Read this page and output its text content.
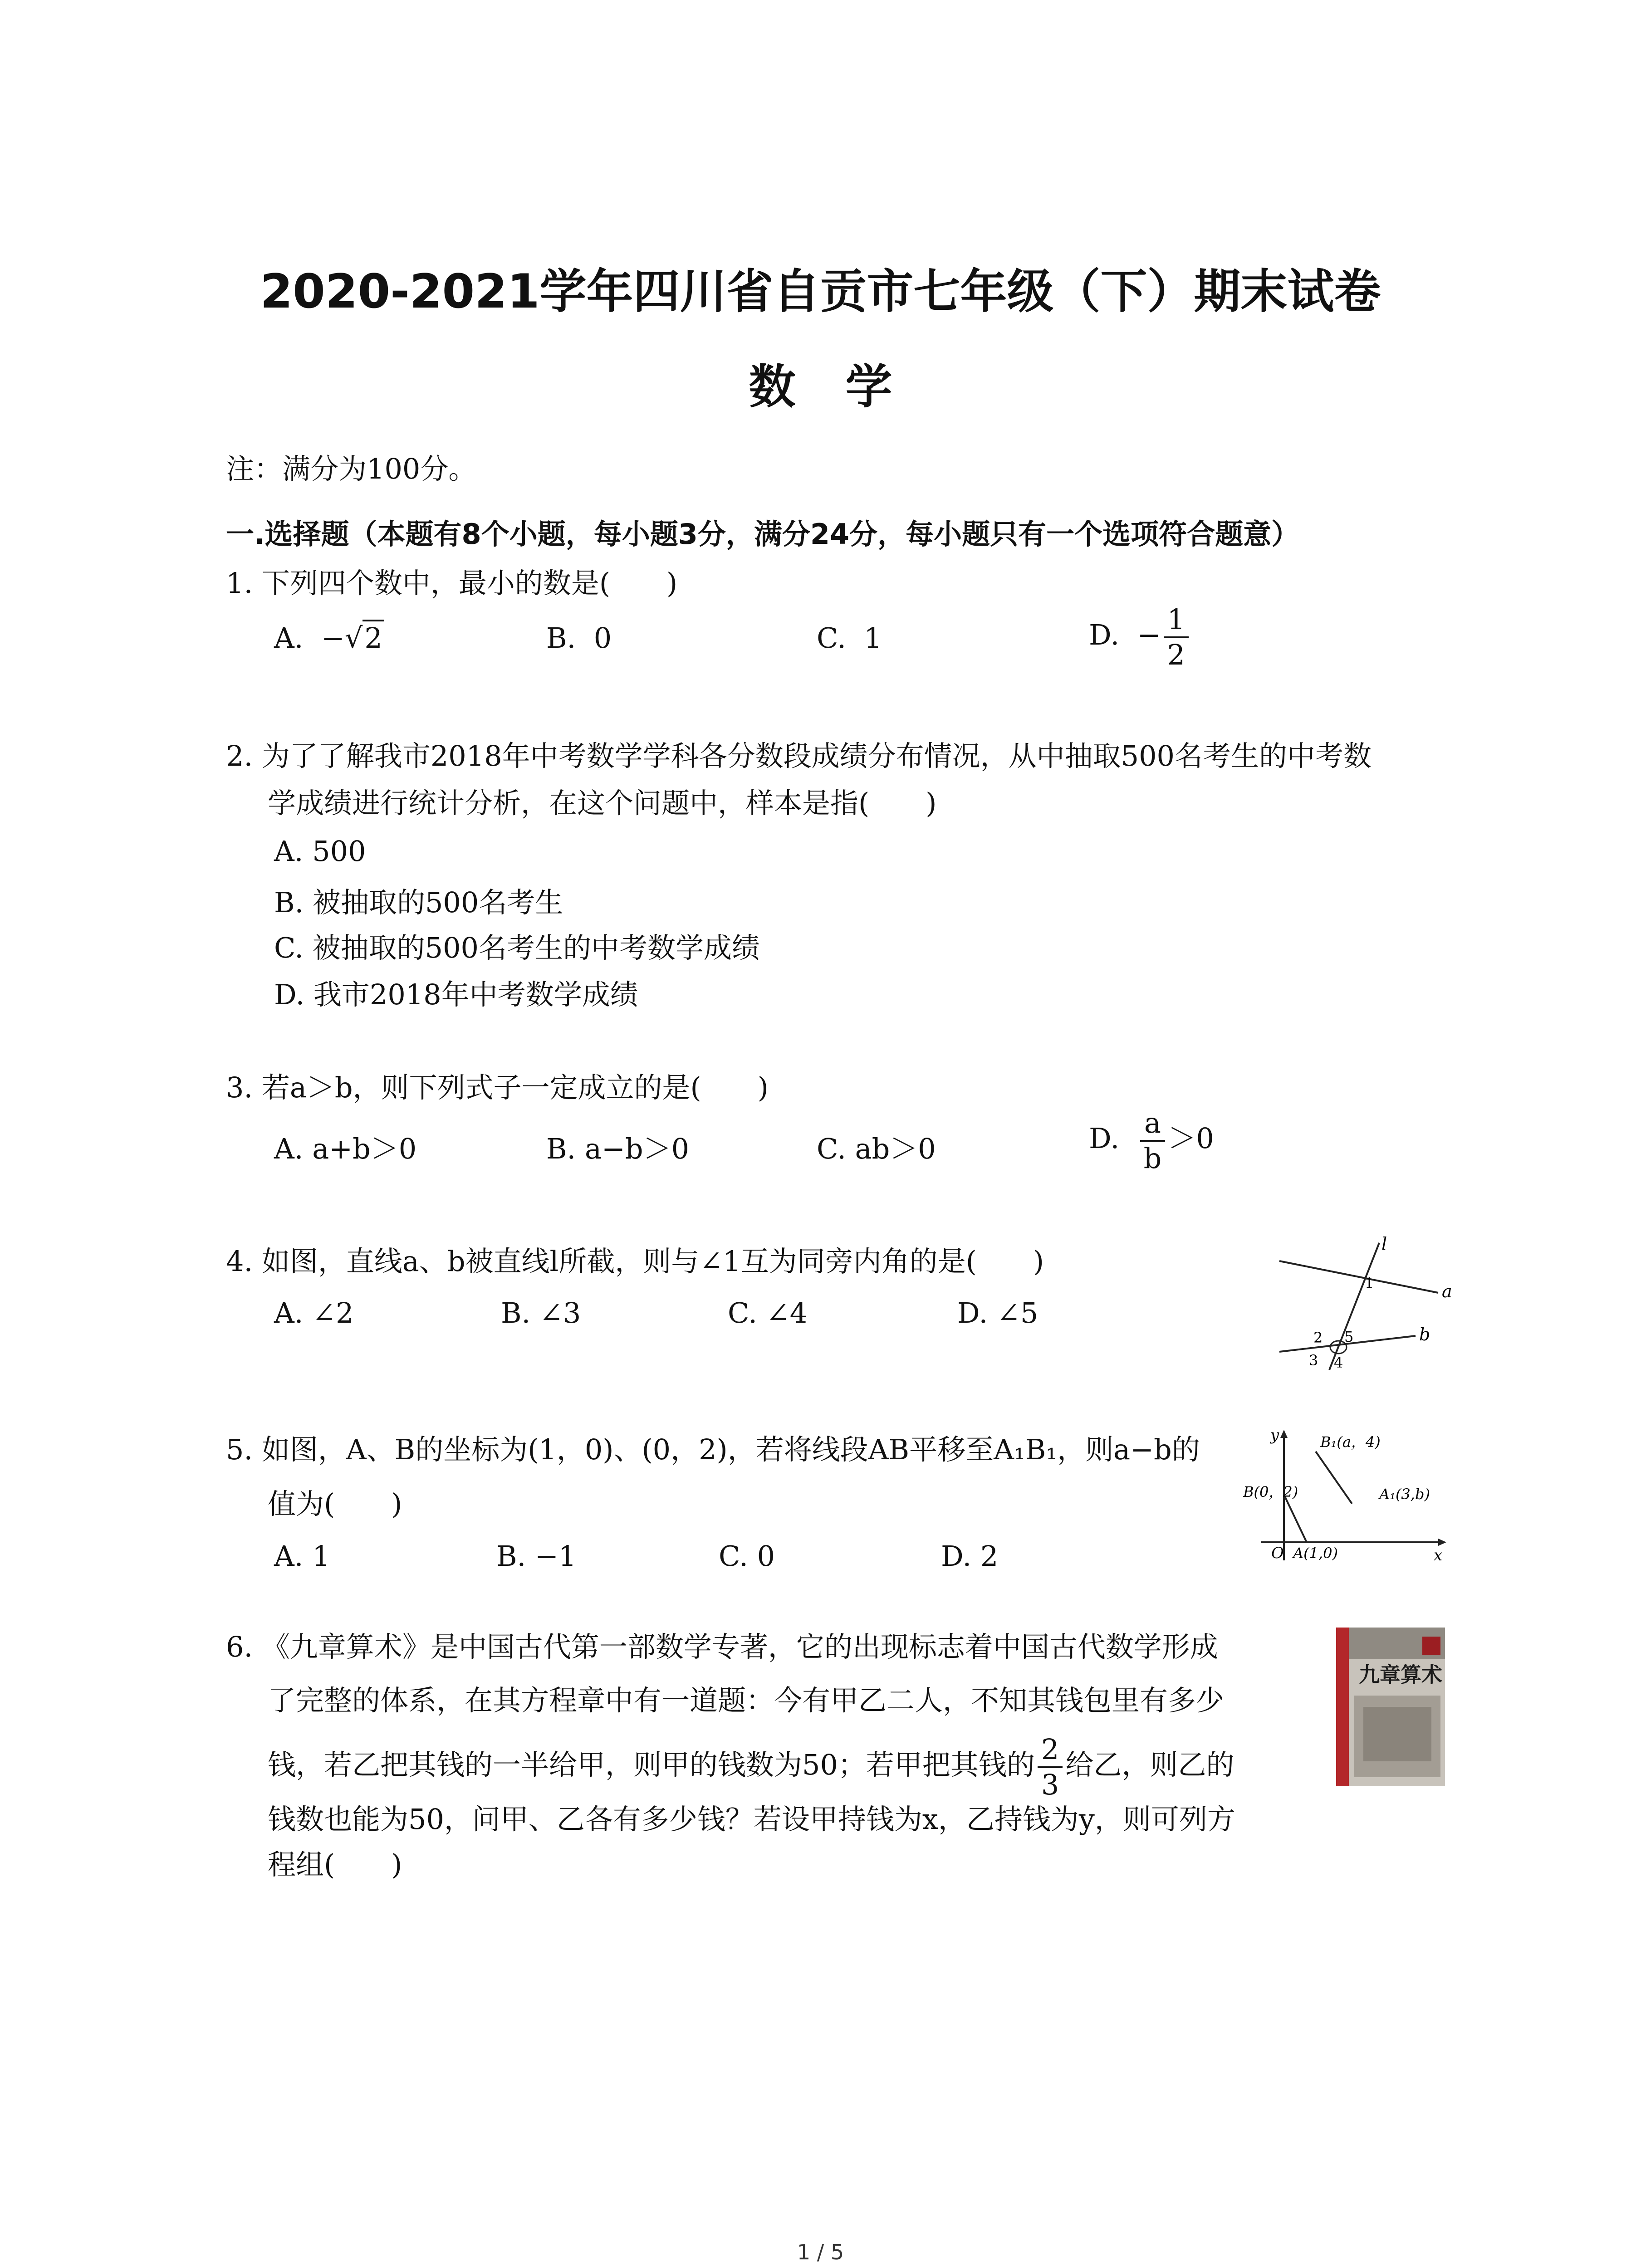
2020-2021学年四川省自贡市七年级（下）期末试卷
数学
注：满分为100分。
一.选择题（本题有8个小题，每小题3分，满分24分，每小题只有一个选项符合题意）
1. 下列四个数中，最小的数是(　　)
A. −√2	B. 0	C. 1	D. − $\frac{1}{2}$
2. 为了了解我市2018年中考数学学科各分数段成绩分布情况，从中抽取500名考生的中考数
学成绩进行统计分析，在这个问题中，样本是指(　　)
A. 500
B. 被抽取的500名考生
C. 被抽取的500名考生的中考数学成绩
D. 我市2018年中考数学成绩
3. 若a＞b，则下列式子一定成立的是(　　)
A. a+b＞0	B. a−b＞0	C. ab＞0	D. $\frac{a}{b} >0$
4. 如图，直线a、b被直线l所截，则与∠1互为同旁内角的是(　　)
A. ∠2	B. ∠3	C. ∠4	D. ∠5
l
a
b
1
2
3 4
5
5. 如图，A、B的坐标为(1，0)、(0，2)，若将线段AB平移至A₁B₁，则a−b的
值为(　　)
A. 1	B. −1	C. 0	D. 2
y
x
O
B(0，2)
A(1,0)
B₁(a，4)
A₁(3,b)
6. 《九章算术》是中国古代第一部数学专著，它的出现标志着中国古代数学形成
了完整的体系，在其方程章中有一道题：今有甲乙二人，不知其钱包里有多少
钱，若乙把其钱的一半给甲，则甲的钱数为50；若甲把其钱的 $\frac{2}{3}$ 给乙，则乙的
钱数也能为50，问甲、乙各有多少钱？若设甲持钱为x，乙持钱为y，则可列方
程组(　　)
九章算术
1 / 5
